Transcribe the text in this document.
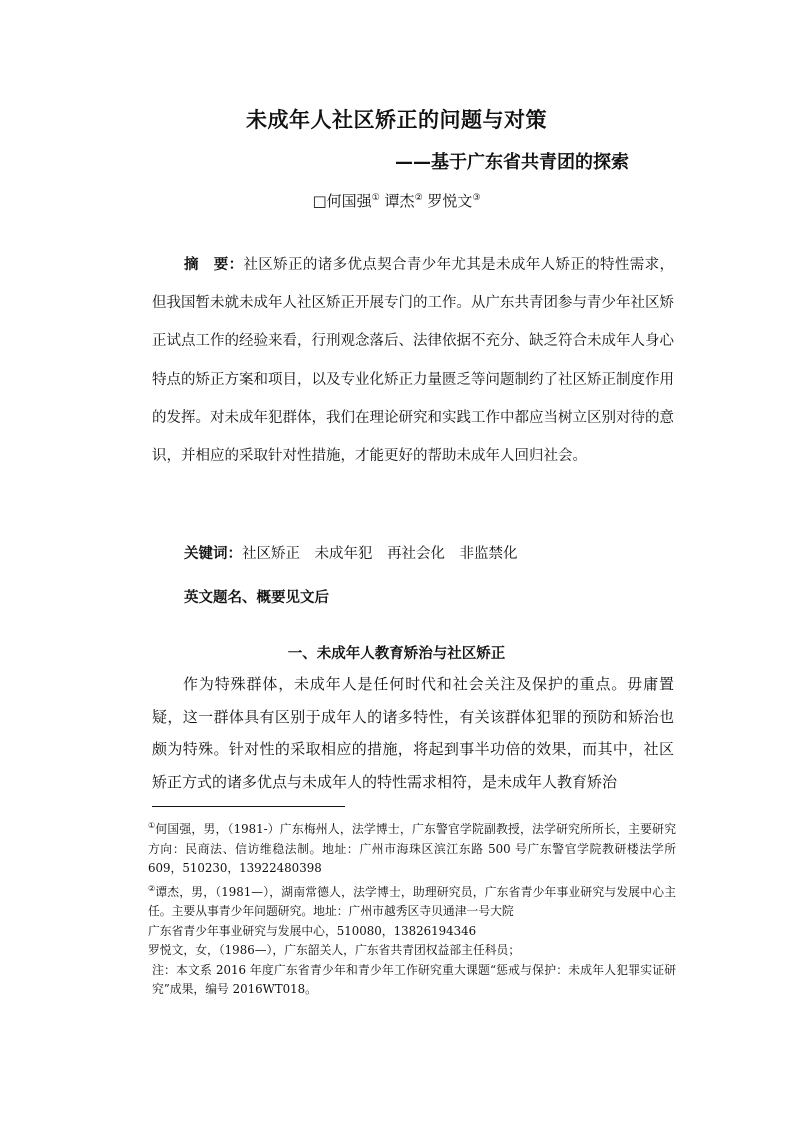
未成年人社区矫正的问题与对策
——基于广东省共青团的探索
□何国强① 谭杰② 罗悦文③
摘　要：社区矫正的诸多优点契合青少年尤其是未成年人矫正的特性需求，但我国暂未就未成年人社区矫正开展专门的工作。从广东共青团参与青少年社区矫正试点工作的经验来看，行刑观念落后、法律依据不充分、缺乏符合未成年人身心特点的矫正方案和项目，以及专业化矫正力量匮乏等问题制约了社区矫正制度作用的发挥。对未成年犯群体，我们在理论研究和实践工作中都应当树立区别对待的意识，并相应的采取针对性措施，才能更好的帮助未成年人回归社会。
关键词：社区矫正　未成年犯　再社会化　非监禁化
英文题名、概要见文后
一、未成年人教育矫治与社区矫正
作为特殊群体，未成年人是任何时代和社会关注及保护的重点。毋庸置疑，这一群体具有区别于成年人的诸多特性，有关该群体犯罪的预防和矫治也颇为特殊。针对性的采取相应的措施，将起到事半功倍的效果，而其中，社区矫正方式的诸多优点与未成年人的特性需求相符，是未成年人教育矫治
①何国强，男，（1981-）广东梅州人，法学博士，广东警官学院副教授，法学研究所所长，主要研究方向：民商法、信访维稳法制。地址：广州市海珠区滨江东路 500 号广东警官学院教研楼法学所 609，510230，13922480398
②谭杰，男，（1981—），湖南常德人，法学博士，助理研究员，广东省青少年事业研究与发展中心主任。主要从事青少年问题研究。地址：广州市越秀区寺贝通津一号大院
广东省青少年事业研究与发展中心，510080，13826194346
罗悦文，女，（1986—），广东韶关人，广东省共青团权益部主任科员；
注：本文系 2016 年度广东省青少年和青少年工作研究重大课题“惩戒与保护：未成年人犯罪实证研究”成果，编号 2016WT018。
